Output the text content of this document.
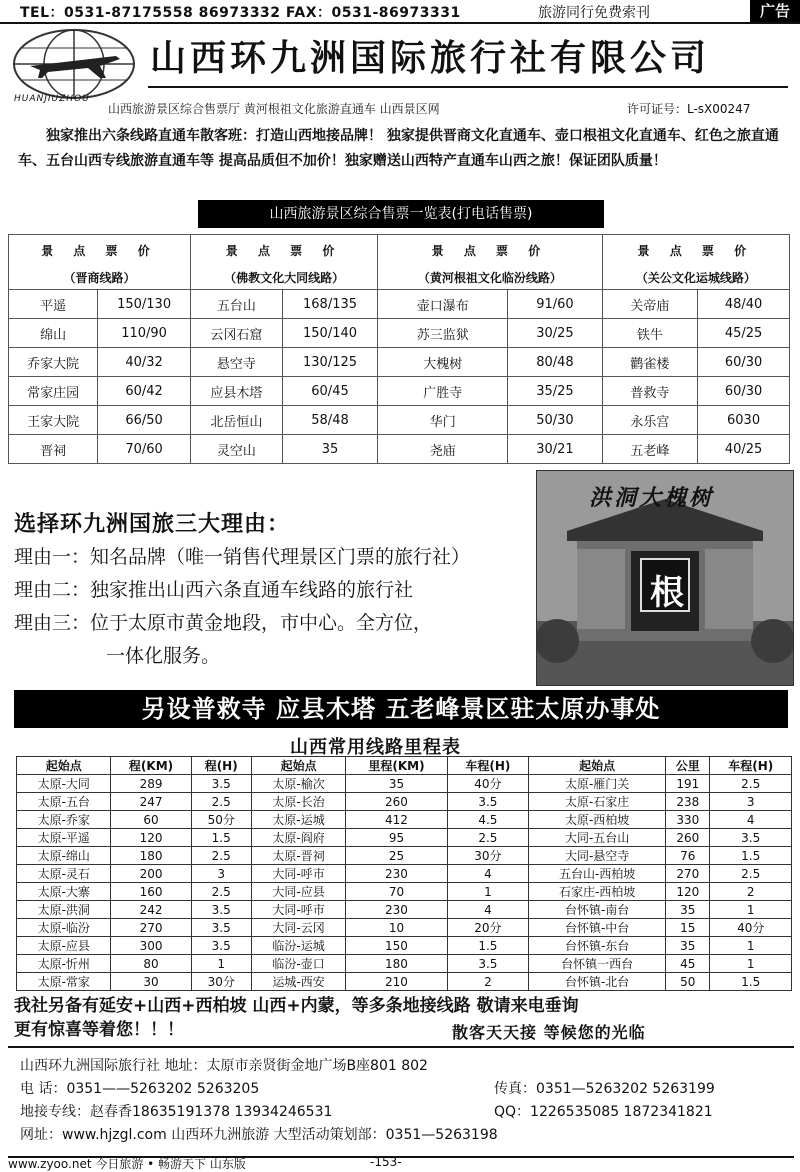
TEL：0531-87175558 86973332 FAX：0531-86973331	旅游同行免费索刊	广告
HUANJIUZHOU
山西环九洲国际旅行社有限公司
山西旅游景区综合售票厅 黄河根祖文化旅游直通车 山西景区网	许可证号：L-sX00247
独家推出六条线路直通车散客班：打造山西地接品牌！ 独家提供晋商文化直通车、壶口根祖文化直通车、红色之旅直通车、五台山西专线旅游直通车等 提高品质但不加价！独家赠送山西特产直通车山西之旅！保证团队质量！
山西旅游景区综合售票一览表(打电话售票)
景 点 票 价		景 点 票 价		景 点 票 价		景 点 票 价	
（晋商线路）		（佛教文化大同线路）		（黄河根祖文化临汾线路）		（关公文化运城线路）	
平遥	150/130	五台山	168/135	壶口瀑布	91/60	关帝庙	48/40
绵山	110/90	云冈石窟	150/140	苏三监狱	30/25	铁牛	45/25
乔家大院	40/32	悬空寺	130/125	大槐树	80/48	鹳雀楼	60/30
常家庄园	60/42	应县木塔	60/45	广胜寺	35/25	普救寺	60/30
王家大院	66/50	北岳恒山	58/48	华门	50/30	永乐宫	6030
晋祠	70/60	灵空山	35	尧庙	30/21	五老峰	40/25
选择环九洲国旅三大理由：
理由一：知名品牌（唯一销售代理景区门票的旅行社）
理由二：独家推出山西六条直通车线路的旅行社
理由三：位于太原市黄金地段，市中心。全方位，
一体化服务。
洪洞大槐树
根
另设普救寺 应县木塔 五老峰景区驻太原办事处
山西常用线路里程表
起始点	程(KM)	程(H)	起始点	里程(KM)	车程(H)	起始点	公里	车程(H)
太原-大同	289	3.5	太原-榆次	35	40分	太原-雁门关	191	2.5
太原-五台	247	2.5	太原-长治	260	3.5	太原-石家庄	238	3
太原-乔家	60	50分	太原-运城	412	4.5	太原-西柏坡	330	4
太原-平遥	120	1.5	太原-阎府	95	2.5	大同-五台山	260	3.5
太原-绵山	180	2.5	太原-晋祠	25	30分	大同-悬空寺	76	1.5
太原-灵石	200	3	大同-呼市	230	4	五台山-西柏坡	270	2.5
太原-大寨	160	2.5	大同-应县	70	1	石家庄-西柏坡	120	2
太原-洪洞	242	3.5	大同-呼市	230	4	台怀镇-南台	35	1
太原-临汾	270	3.5	大同-云冈	10	20分	台怀镇-中台	15	40分
太原-应县	300	3.5	临汾-运城	150	1.5	台怀镇-东台	35	1
太原-忻州	80	1	临汾-壶口	180	3.5	台怀镇一西台	45	1
太原-常家	30	30分	运城-西安	210	2	台怀镇-北台	50	1.5
我社另备有延安+山西+西柏坡 山西+内蒙，等多条地接线路 敬请来电垂询
更有惊喜等着您！！！	散客天天接 等候您的光临
山西环九洲国际旅行社 地址：太原市亲贤街金地广场B座801 802
电 话：0351——5263202 5263205	传真：0351—5263202 5263199
地接专线：赵春香18635191378 13934246531	QQ：1226535085 1872341821
网址：www.hjzgl.com 山西环九洲旅游 大型活动策划部：0351—5263198
www.zyoo.net 今日旅游 • 畅游天下 山东版	-153-
